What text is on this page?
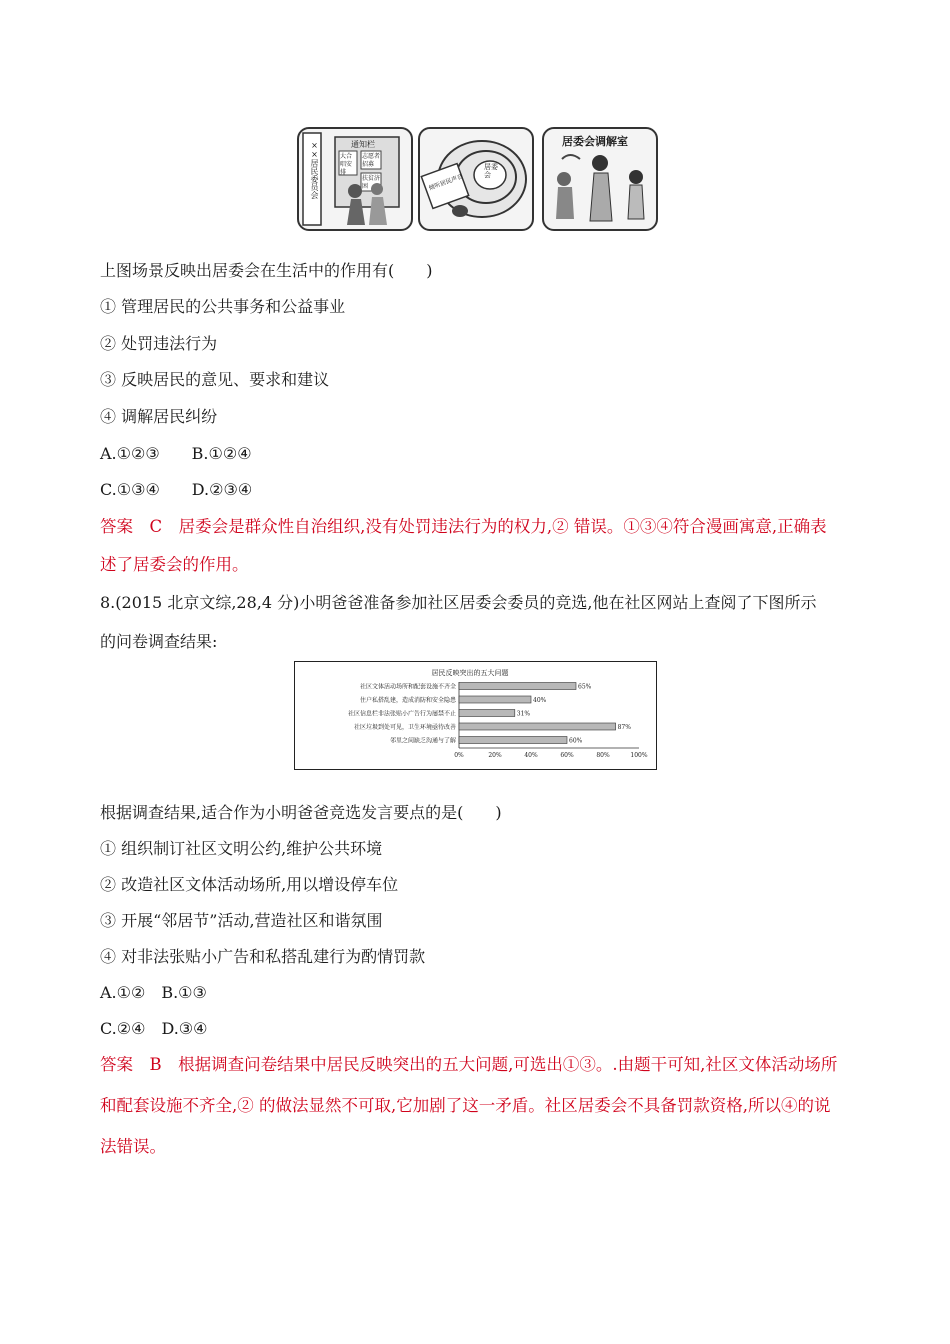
××居民委员会	通知栏
大合唱安排
志愿者招募
扶贫济困
居委会
倾听居民声音
居委会调解室
上图场景反映出居委会在生活中的作用有(　　)
① 管理居民的公共事务和公益事业
② 处罚违法行为
③ 反映居民的意见、要求和建议
④ 调解居民纠纷
A.①②③　　B.①②④
C.①③④　　D.②③④
答案　C　居委会是群众性自治组织,没有处罚违法行为的权力,② 错误。①③④符合漫画寓意,正确表
述了居委会的作用。
8.(2015 北京文综,28,4 分)小明爸爸准备参加社区居委会委员的竞选,他在社区网站上查阅了下图所示
的问卷调查结果:
居民反映突出的五大问题
社区文体活动场所和配套设施不齐全	65%
住户私搭乱建，造成消防和安全隐患	40%
社区信息栏非法张贴小广告行为屡禁不止	31%
社区垃圾到处可见，卫生环境亟待改善	87%
邻里之间缺乏沟通与了解	60%
0%	20%	40%	60%	80%	100%
根据调查结果,适合作为小明爸爸竞选发言要点的是(　　)
① 组织制订社区文明公约,维护公共环境
② 改造社区文体活动场所,用以增设停车位
③ 开展“邻居节”活动,营造社区和谐氛围
④ 对非法张贴小广告和私搭乱建行为酌情罚款
A.①②　B.①③
C.②④　D.③④
答案　B　根据调查问卷结果中居民反映突出的五大问题,可选出①③。.由题干可知,社区文体活动场所
和配套设施不齐全,② 的做法显然不可取,它加剧了这一矛盾。社区居委会不具备罚款资格,所以④的说
法错误。
